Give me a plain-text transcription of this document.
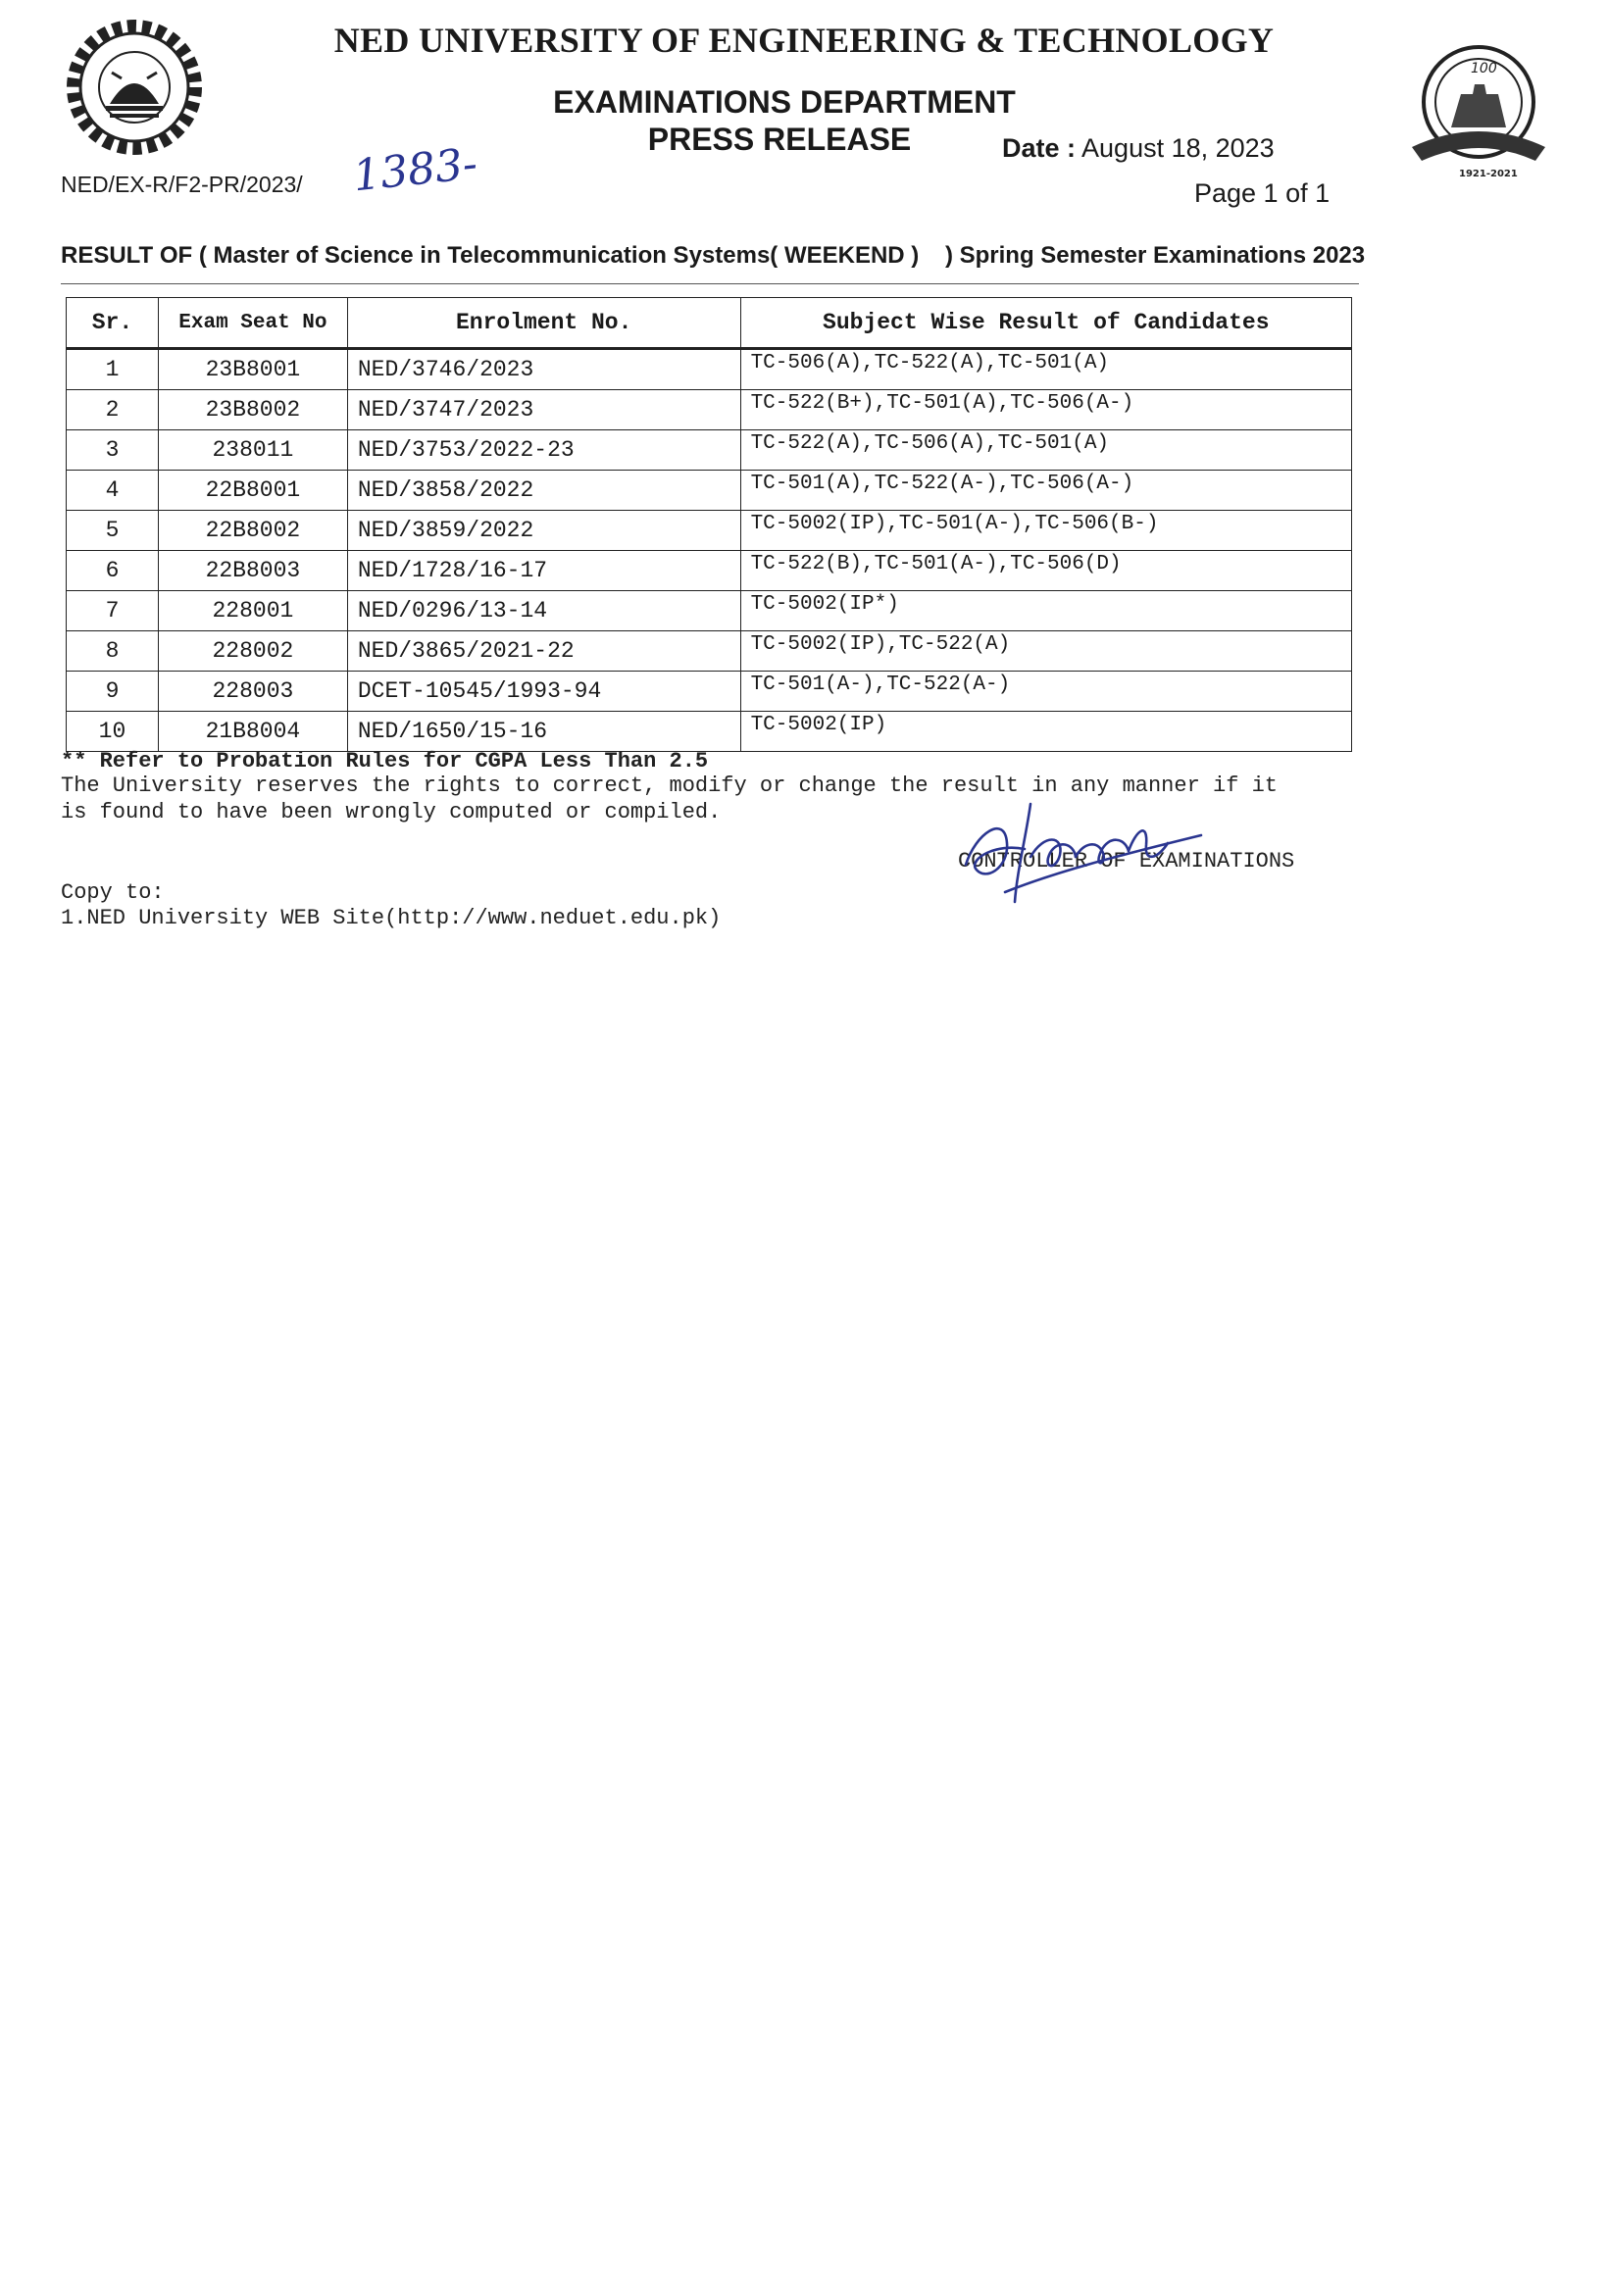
100
1921-2021
NED UNIVERSITY OF ENGINEERING & TECHNOLOGY
EXAMINATIONS DEPARTMENT
PRESS RELEASE	Date : August 18, 2023
Page 1 of 1
NED/EX-R/F2-PR/2023/ 1383-
RESULT OF ( Master of Science in Telecommunication Systems( WEEKEND ) ) Spring Semester Examinations 2023
Sr.	Exam Seat No	Enrolment No.	Subject Wise Result of Candidates
1	23B8001	NED/3746/2023	TC-506(A),TC-522(A),TC-501(A)
2	23B8002	NED/3747/2023	TC-522(B+),TC-501(A),TC-506(A-)
3	238011	NED/3753/2022-23	TC-522(A),TC-506(A),TC-501(A)
4	22B8001	NED/3858/2022	TC-501(A),TC-522(A-),TC-506(A-)
5	22B8002	NED/3859/2022	TC-5002(IP),TC-501(A-),TC-506(B-)
6	22B8003	NED/1728/16-17	TC-522(B),TC-501(A-),TC-506(D)
7	228001	NED/0296/13-14	TC-5002(IP*)
8	228002	NED/3865/2021-22	TC-5002(IP),TC-522(A)
9	228003	DCET-10545/1993-94	TC-501(A-),TC-522(A-)
10	21B8004	NED/1650/15-16	TC-5002(IP)
** Refer to Probation Rules for CGPA Less Than 2.5
The University reserves the rights to correct, modify or change the result in any manner if it
is found to have been wrongly computed or compiled.
CONTROLLER OF EXAMINATIONS
Copy to:
1.NED University WEB Site(http://www.neduet.edu.pk)
